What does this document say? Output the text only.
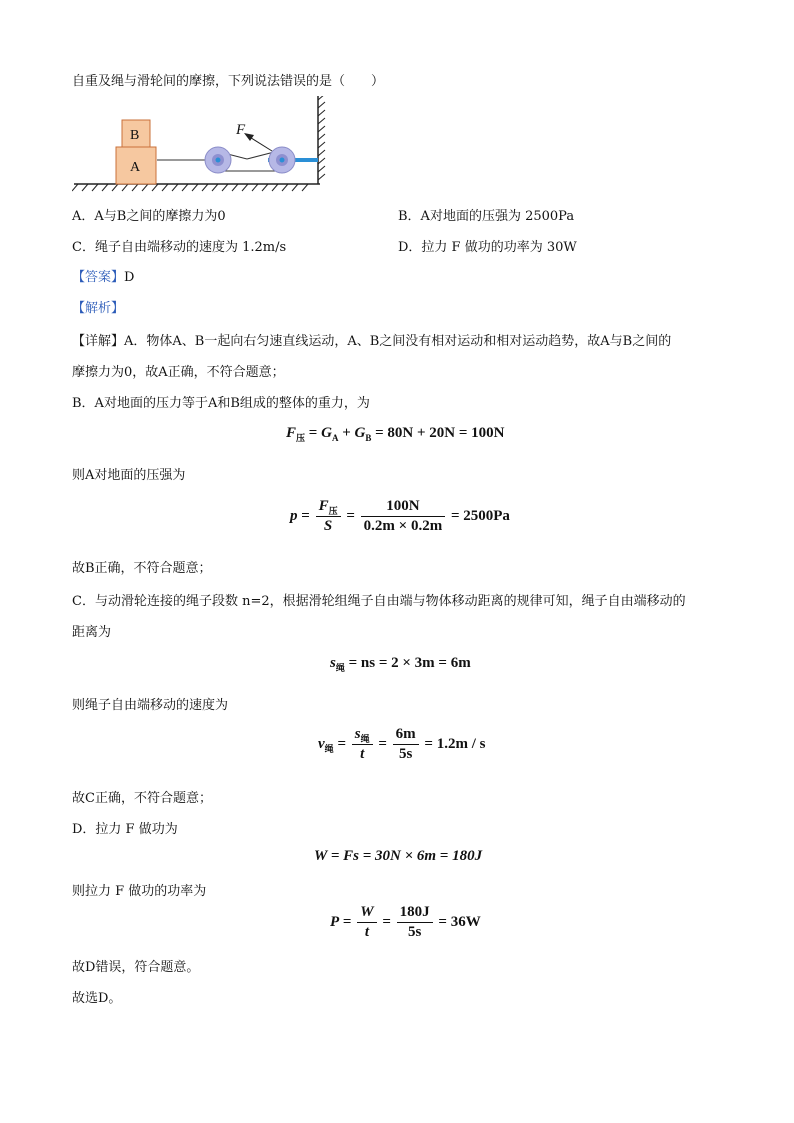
自重及绳与滑轮间的摩擦，下列说法错误的是（　　）
F
A
B
A．A与B之间的摩擦力为0	B．A对地面的压强为 2500Pa
C．绳子自由端移动的速度为 1.2m/s	D．拉力 F 做功的功率为 30W
【答案】D
【解析】
【详解】A．物体A、B一起向右匀速直线运动，A、B之间没有相对运动和相对运动趋势，故A与B之间的
摩擦力为0，故A正确，不符合题意；
B．A对地面的压力等于A和B组成的整体的重力，为
$F_压 = G_A + G_B = 80N + 20N = 100N$
则A对地面的压强为
$p = \frac{F_压}{S} = \frac{100N}{0.2m \times 0.2m} = 2500Pa$
故B正确，不符合题意；
C．与动滑轮连接的绳子段数 n=2，根据滑轮组绳子自由端与物体移动距离的规律可知，绳子自由端移动的
距离为
$s_绳$ = ns = 2 × 3m = 6m
则绳子自由端移动的速度为
$v_绳 = \frac{s_绳}{t} = \frac{6m}{5s} = 1.2m / s$
故C正确，不符合题意；
D．拉力 F 做功为
W = Fs = 30N × 6m = 180J
则拉力 F 做功的功率为
$P = \frac{W}{t} = \frac{180J}{5s} = 36W$
故D错误，符合题意。
故选D。
